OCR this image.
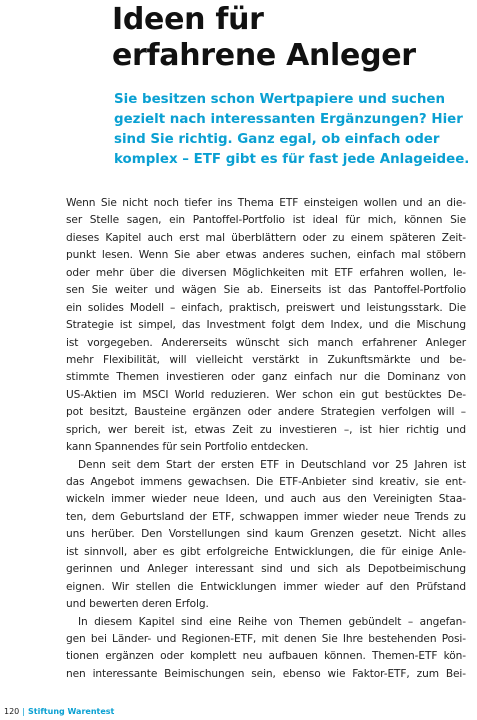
Ideen für
erfahrene Anleger
Sie besitzen schon Wertpapiere und suchen
gezielt nach interessanten Ergänzungen? Hier
sind Sie richtig. Ganz egal, ob einfach oder
komplex – ETF gibt es für fast jede Anlageidee.
Wenn Sie nicht noch tiefer ins Thema ETF einsteigen wollen und an die-
ser Stelle sagen, ein Pantoffel-Portfolio ist ideal für mich, können Sie
dieses Kapitel auch erst mal überblättern oder zu einem späteren Zeit-
punkt lesen. Wenn Sie aber etwas anderes suchen, einfach mal stöbern
oder mehr über die diversen Möglichkeiten mit ETF erfahren wollen, le-
sen Sie weiter und wägen Sie ab. Einerseits ist das Pantoffel-Portfolio
ein solides Modell – einfach, praktisch, preiswert und leistungsstark. Die
Strategie ist simpel, das Investment folgt dem Index, und die Mischung
ist vorgegeben. Andererseits wünscht sich manch erfahrener Anleger
mehr Flexibilität, will vielleicht verstärkt in Zukunftsmärkte und be-
stimmte Themen investieren oder ganz einfach nur die Dominanz von
US-Aktien im MSCI World reduzieren. Wer schon ein gut bestücktes De-
pot besitzt, Bausteine ergänzen oder andere Strategien verfolgen will –
sprich, wer bereit ist, etwas Zeit zu investieren –, ist hier richtig und
kann Spannendes für sein Portfolio entdecken.
Denn seit dem Start der ersten ETF in Deutschland vor 25 Jahren ist
das Angebot immens gewachsen. Die ETF-Anbieter sind kreativ, sie ent-
wickeln immer wieder neue Ideen, und auch aus den Vereinigten Staa-
ten, dem Geburtsland der ETF, schwappen immer wieder neue Trends zu
uns herüber. Den Vorstellungen sind kaum Grenzen gesetzt. Nicht alles
ist sinnvoll, aber es gibt erfolgreiche Entwicklungen, die für einige Anle-
gerinnen und Anleger interessant sind und sich als Depotbeimischung
eignen. Wir stellen die Entwicklungen immer wieder auf den Prüfstand
und bewerten deren Erfolg.
In diesem Kapitel sind eine Reihe von Themen gebündelt – angefan-
gen bei Länder- und Regionen-ETF, mit denen Sie Ihre bestehenden Posi-
tionen ergänzen oder komplett neu aufbauen können. Themen-ETF kön-
nen interessante Beimischungen sein, ebenso wie Faktor-ETF, zum Bei-
120 | Stiftung Warentest
